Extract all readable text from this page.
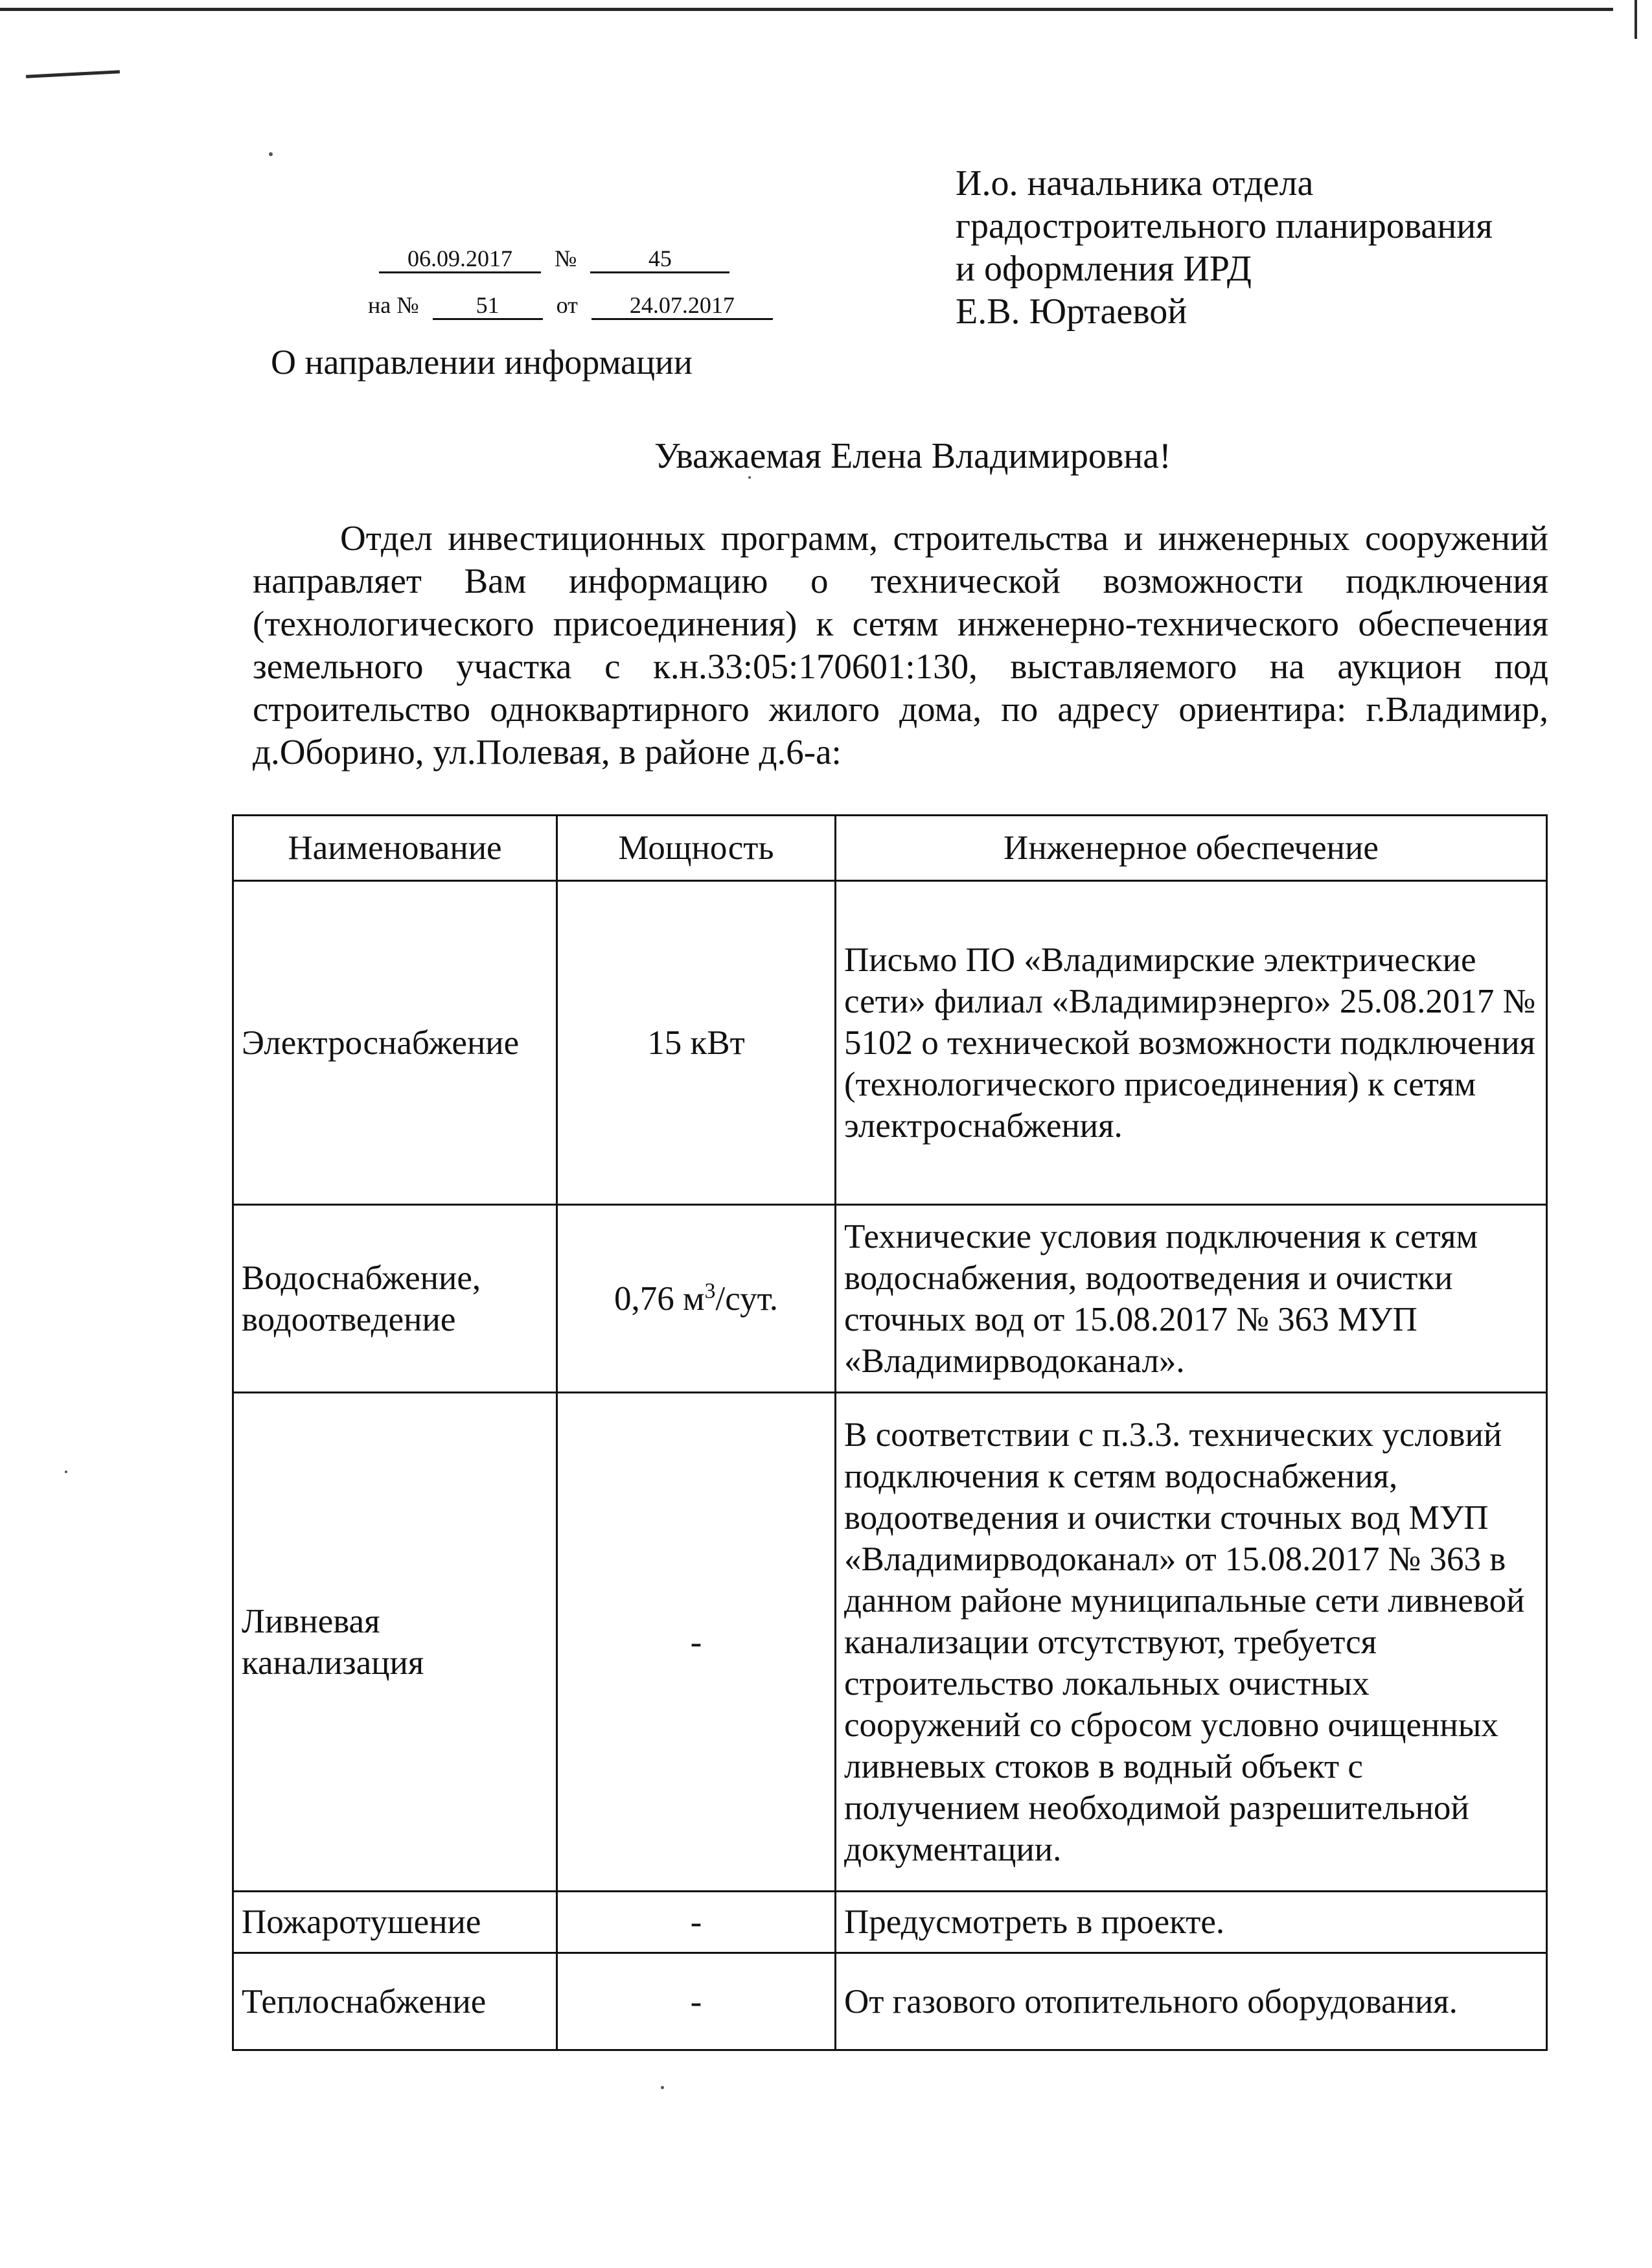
И.о. начальника отдела
градостроительного планирования
и оформления ИРД
Е.В. Юртаевой
06.09.2017 №	45
на № 51 от 24.07.2017
О направлении информации
Уважаемая Елена Владимировна!

Отдел инвестиционных программ, строительства и инженерных сооружений направляет Вам информацию о технической возможности подключения (технологического присоединения) к сетям инженерно-технического обеспечения земельного участка с к.н.33:05:170601:130, выставляемого на аукцион под строительство одноквартирного жилого дома, по адресу ориентира: г.Владимир, д.Оборино, ул.Полевая, в районе д.6-а:

Наименование	Мощность	Инженерное обеспечение
Электроснабжение	15 кВт	Письмо ПО «Владимирские электрические сети» филиал «Владимирэнерго» 25.08.2017 № 5102 о технической возможности подключения (технологического присоединения) к сетям электроснабжения.
Водоснабжение, водоотведение	0,76 $м^3$/сут.	Технические условия подключения к сетям водоснабжения, водоотведения и очистки сточных вод от 15.08.2017 № 363 МУП «Владимирводоканал».
Ливневая канализация	-	В соответствии с п.3.3. технических условий подключения к сетям водоснабжения, водоотведения и очистки сточных вод МУП «Владимирводоканал» от 15.08.2017 № 363 в данном районе муниципальные сети ливневой канализации отсутствуют, требуется строительство локальных очистных сооружений со сбросом условно очищенных ливневых стоков в водный объект с получением необходимой разрешительной документации.
Пожаротушение	-	Предусмотреть в проекте.
Теплоснабжение	-	От газового отопительного оборудования.
